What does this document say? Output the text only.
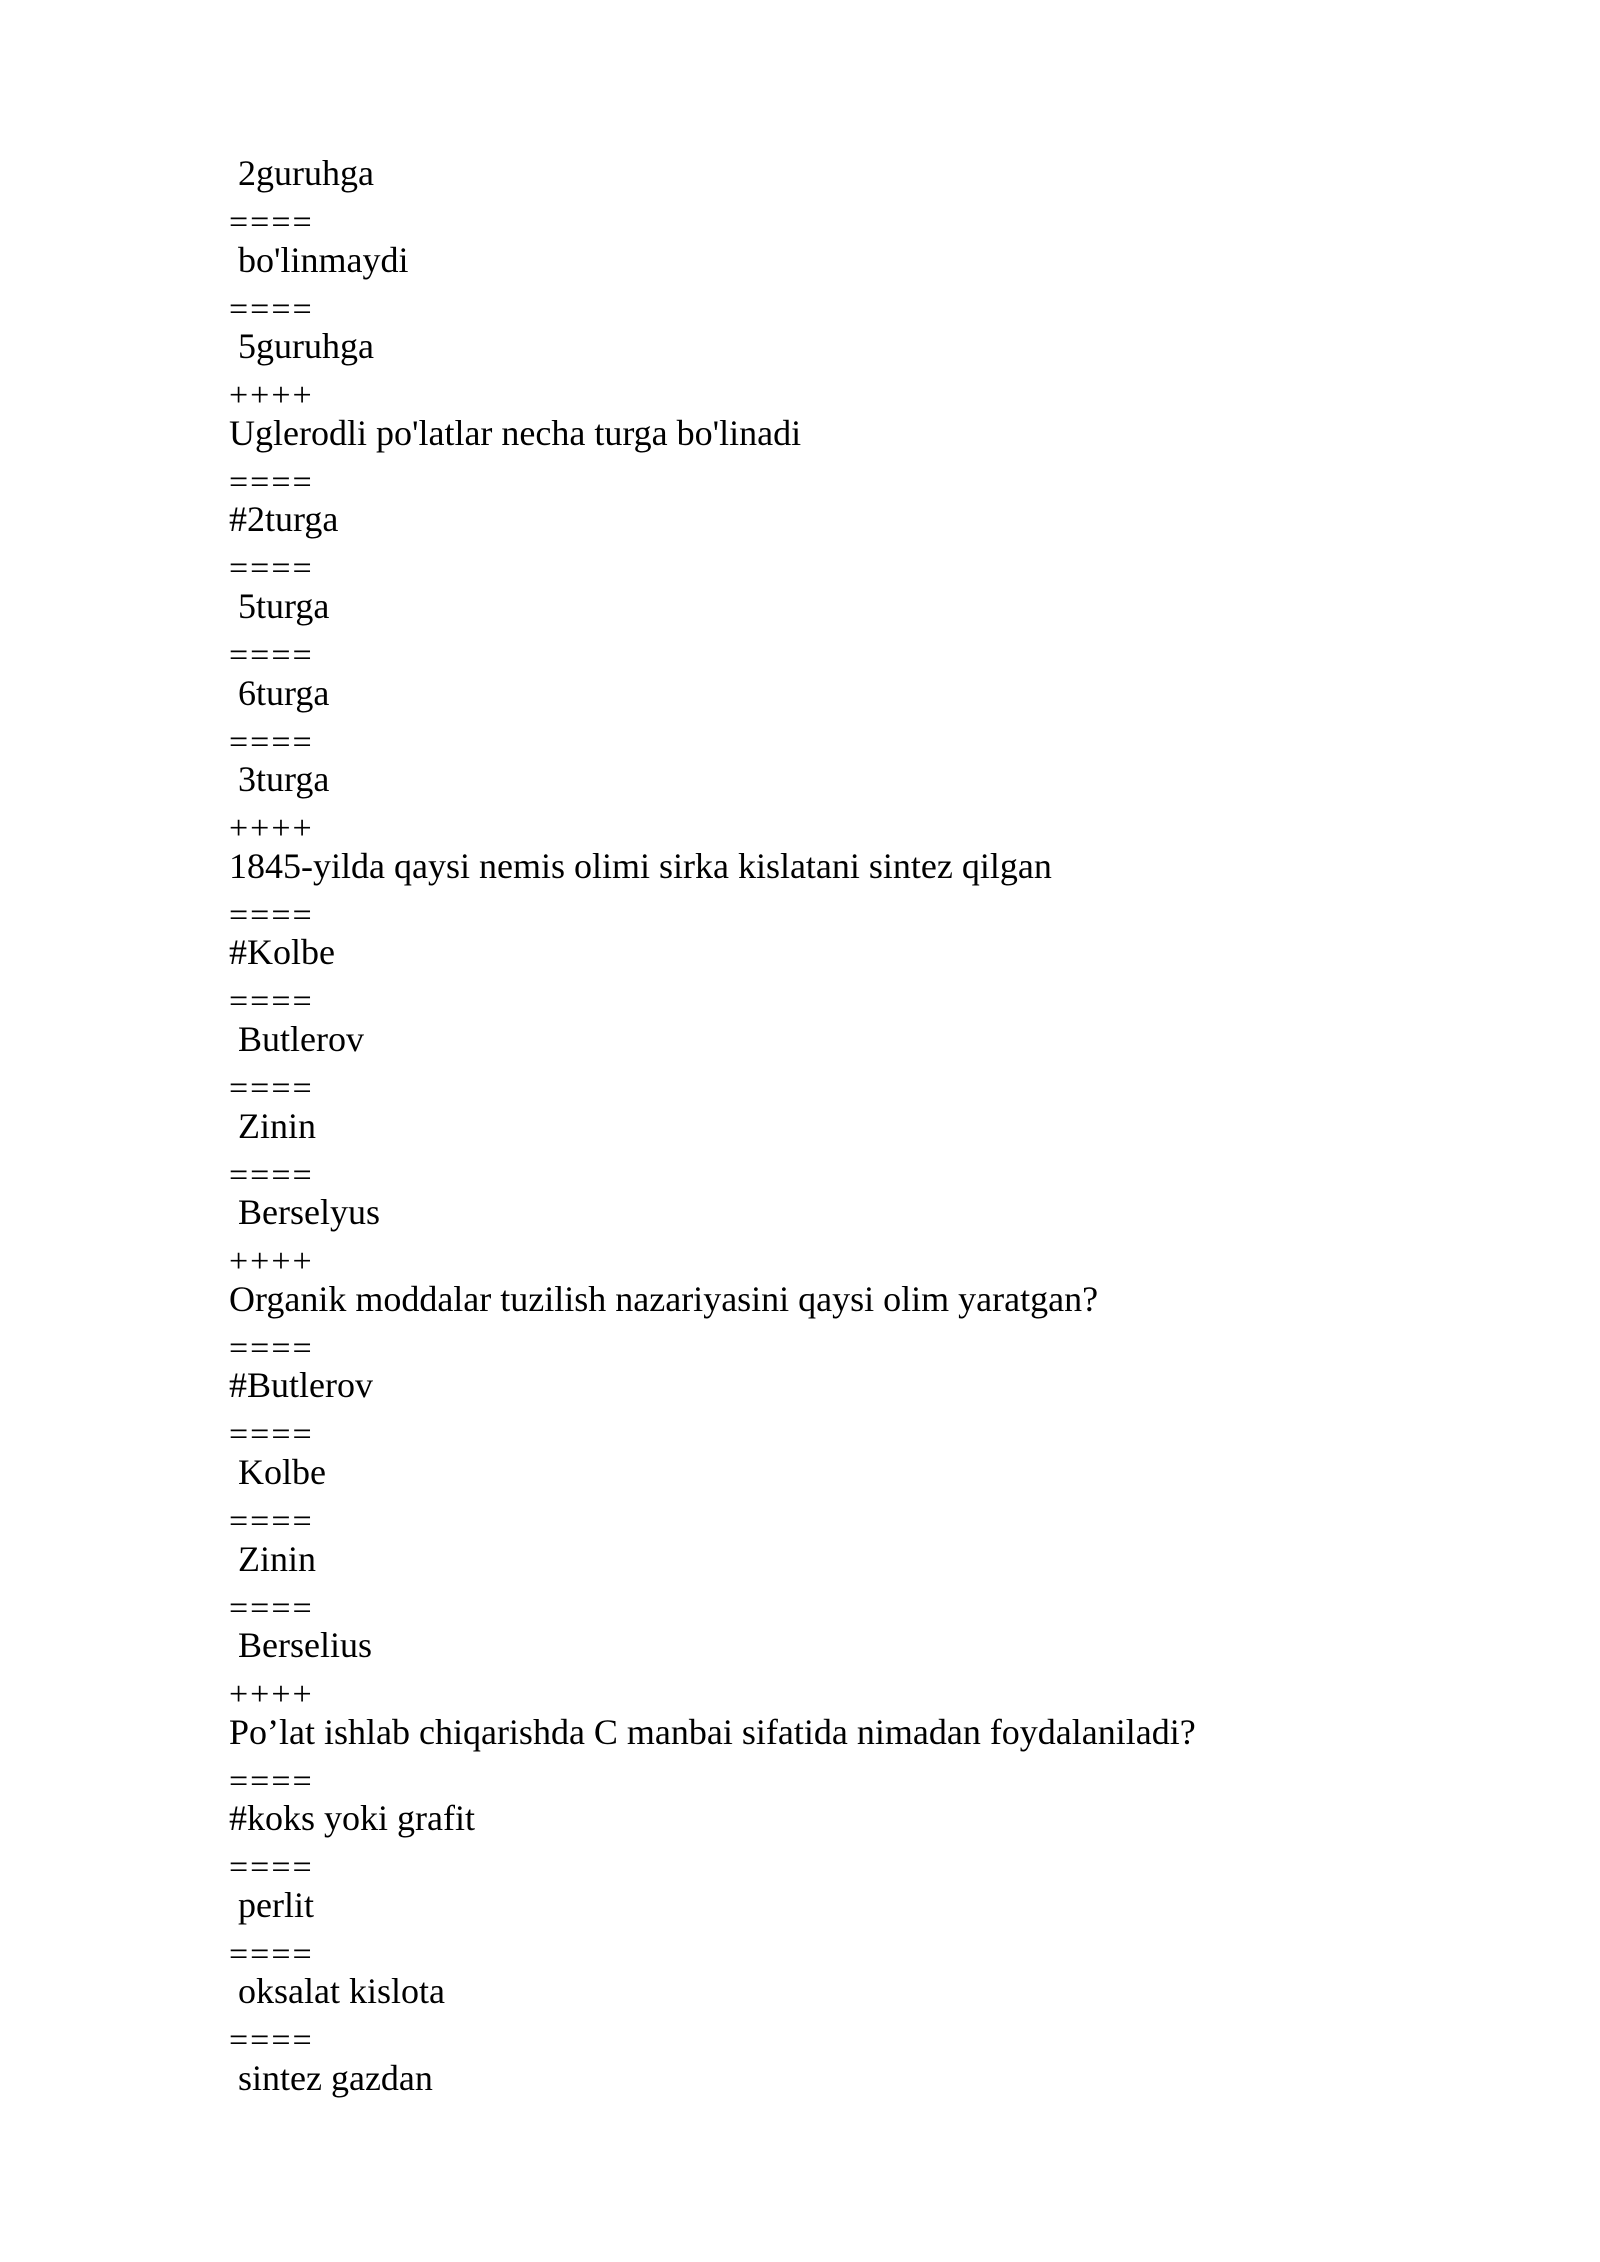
2guruhga
====
bo'linmaydi
====
5guruhga
++++
Uglerodli po'latlar necha turga bo'linadi
====
#2turga
====
5turga
====
6turga
====
3turga
++++
1845-yilda qaysi nemis olimi sirka kislatani sintez qilgan
====
#Kolbe
====
Butlerov
====
Zinin
====
Berselyus
++++
Organik moddalar tuzilish nazariyasini qaysi olim yaratgan?
====
#Butlerov
====
Kolbe
====
Zinin
====
Berselius
++++
Po’lat ishlab chiqarishda C manbai sifatida nimadan foydalaniladi?
====
#koks yoki grafit
====
perlit
====
oksalat kislota
====
sintez gazdan
